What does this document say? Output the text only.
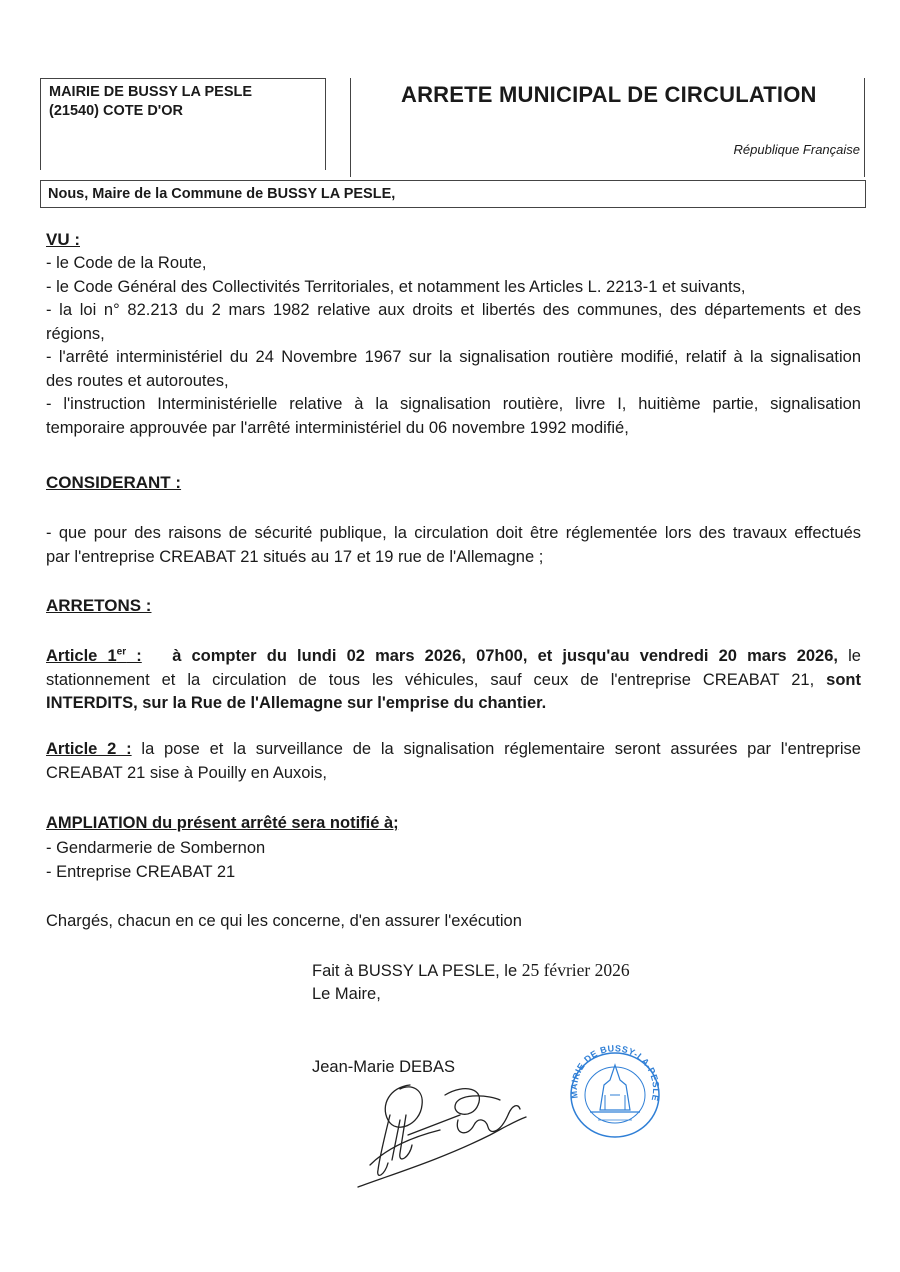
MAIRIE DE BUSSY LA PESLE
(21540) COTE D'OR
ARRETE MUNICIPAL DE CIRCULATION
République Française
Nous, Maire de la Commune de BUSSY LA PESLE,
VU :
- le Code de la Route,
- le Code Général des Collectivités Territoriales, et notamment les Articles L. 2213-1 et suivants,
- la loi n° 82.213 du 2 mars 1982 relative aux droits et libertés des communes, des départements et des
régions,
- l'arrêté interministériel du 24 Novembre 1967 sur la signalisation routière modifié, relatif à la signalisation
des routes et autoroutes,
- l'instruction Interministérielle relative à la signalisation routière, livre I, huitième partie, signalisation
temporaire approuvée par l'arrêté interministériel du 06 novembre 1992 modifié,
CONSIDERANT :
- que pour des raisons de sécurité publique, la circulation doit être réglementée lors des travaux effectués
par l'entreprise CREABAT 21 situés au 17 et 19 rue de l'Allemagne ;
ARRETONS :
Article 1er : à compter du lundi 02 mars 2026, 07h00, et jusqu'au vendredi 20 mars 2026, le
stationnement et la circulation de tous les véhicules, sauf ceux de l'entreprise CREABAT 21, sont
INTERDITS, sur la Rue de l'Allemagne sur l'emprise du chantier.
Article 2 : la pose et la surveillance de la signalisation réglementaire seront assurées par l'entreprise
CREABAT 21 sise à Pouilly en Auxois,
AMPLIATION du présent arrêté sera notifié à;
- Gendarmerie de Sombernon
- Entreprise CREABAT 21
Chargés, chacun en ce qui les concerne, d'en assurer l'exécution
Fait à BUSSY LA PESLE, le 25 février 2026
Le Maire,
Jean-Marie DEBAS
MAIRIE DE BUSSY-LA-PESLE
